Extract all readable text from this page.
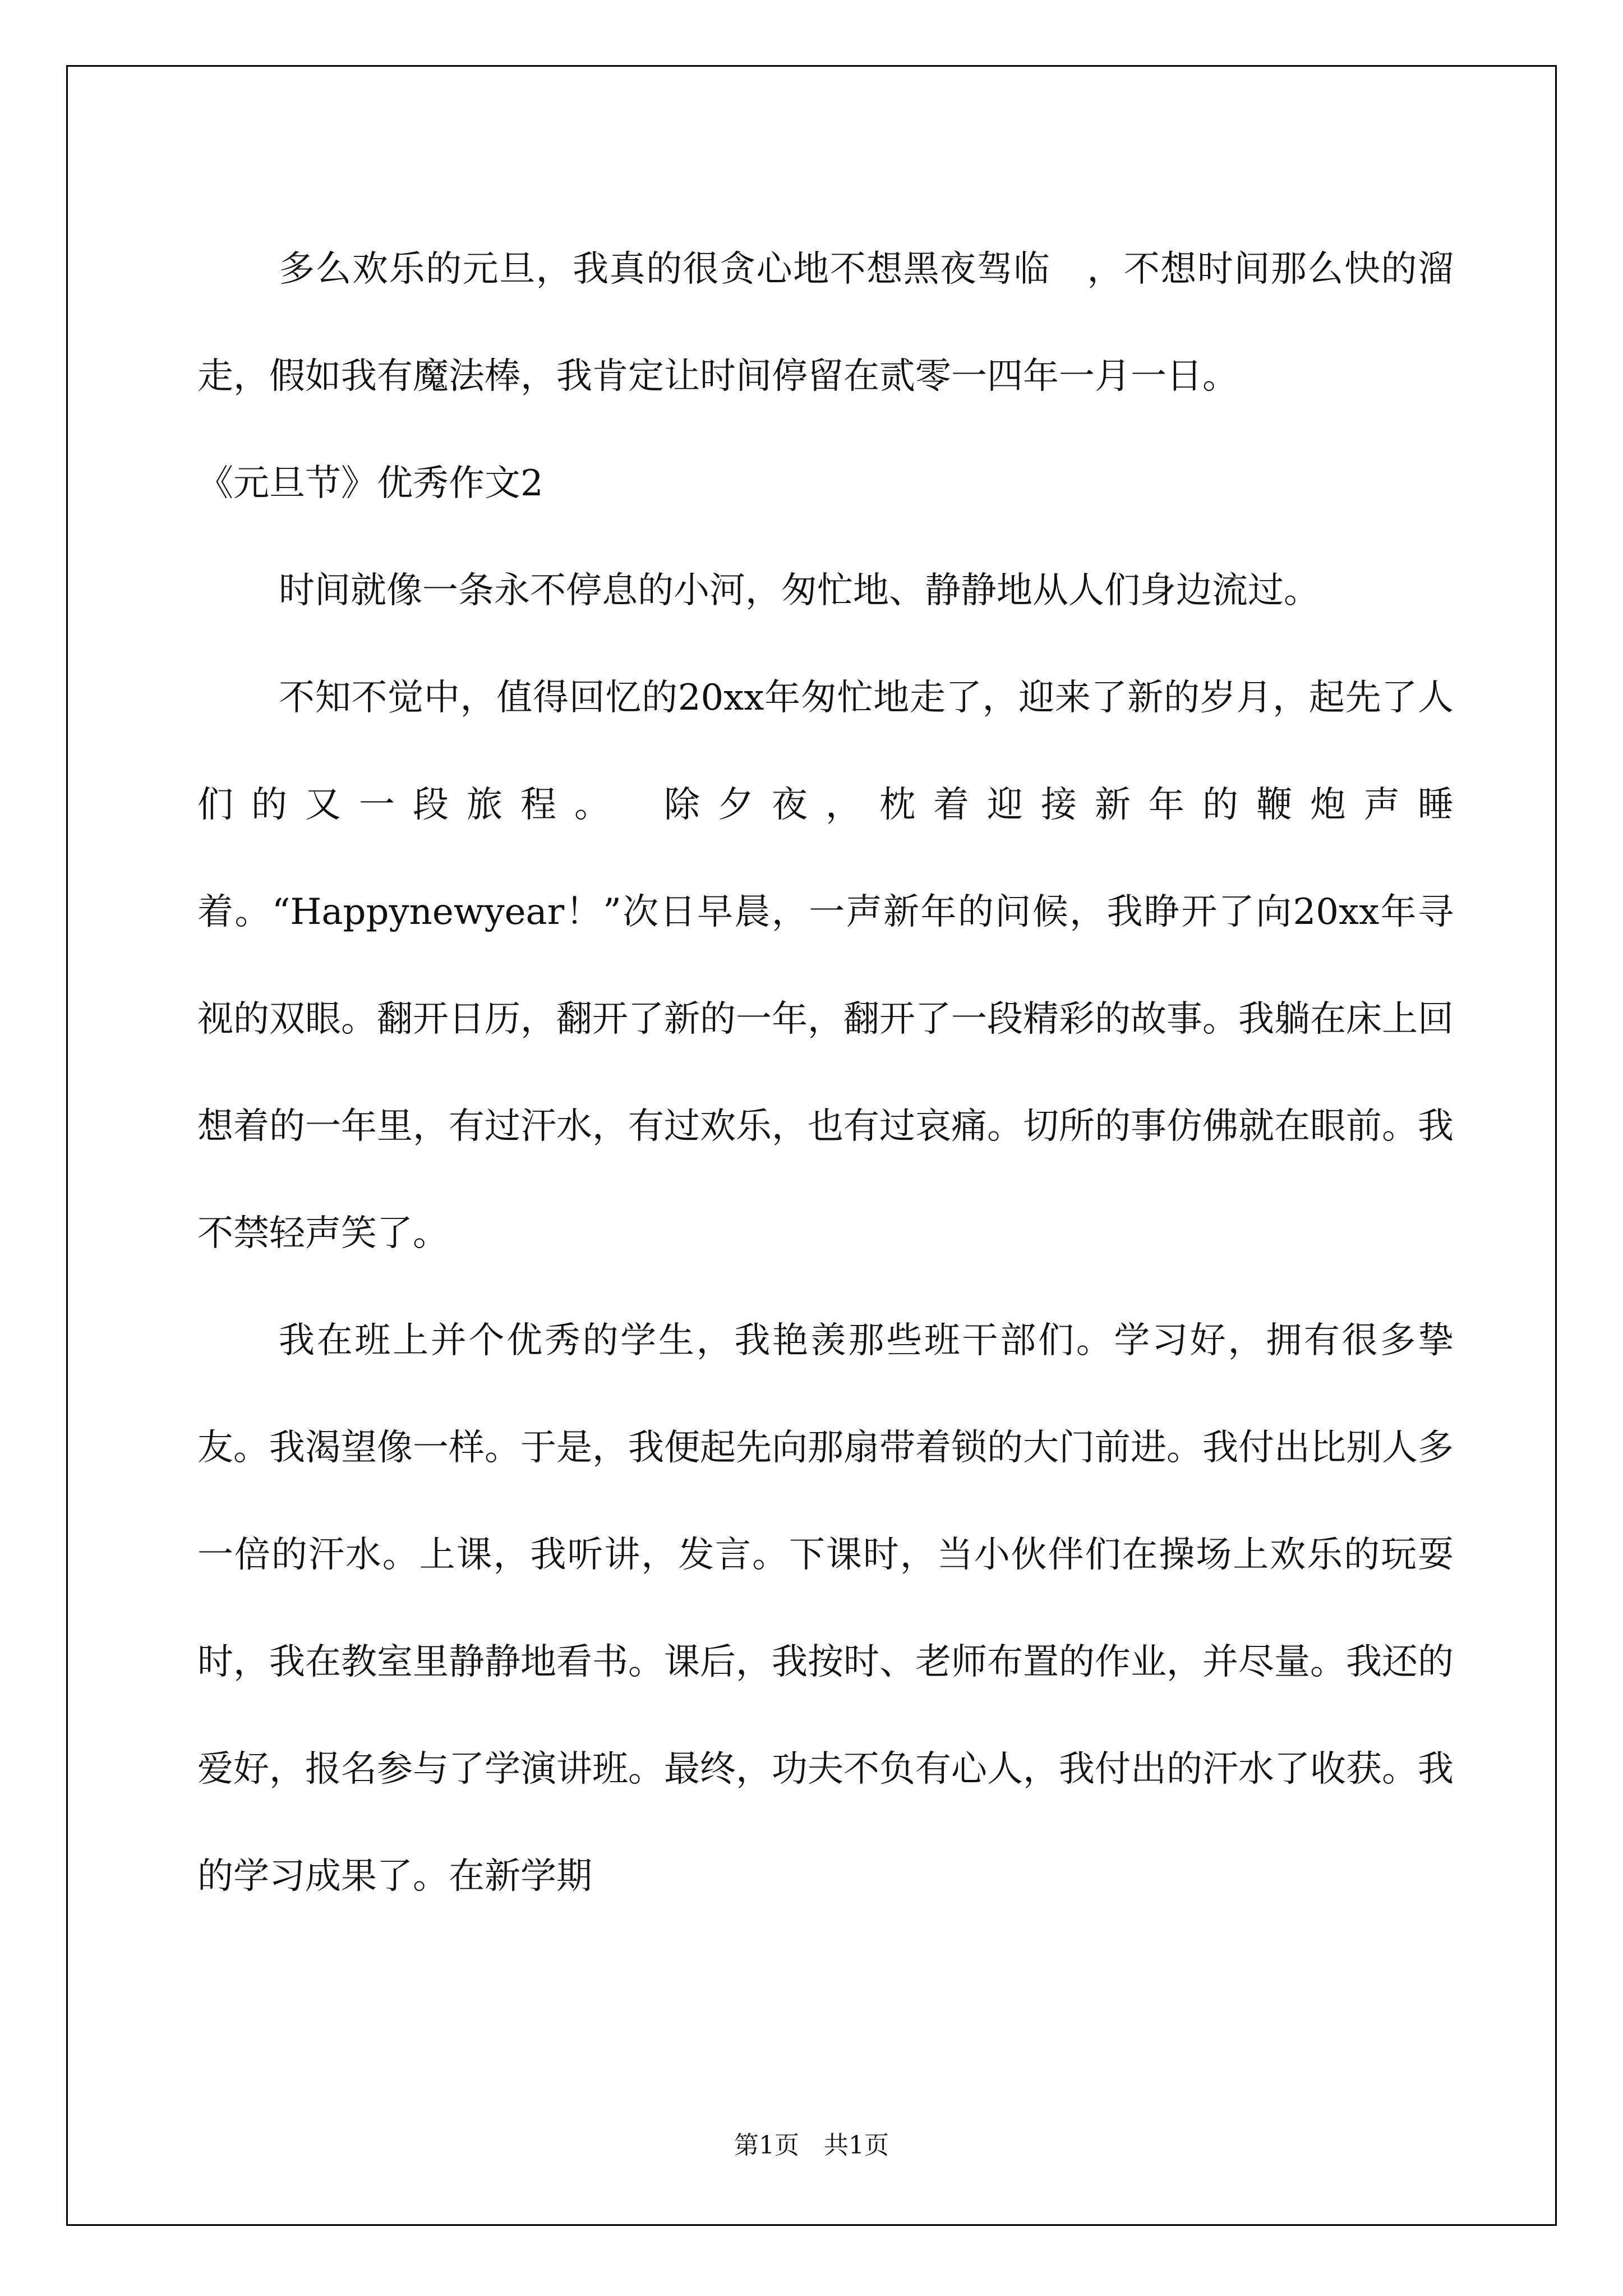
多么欢乐的元旦，我真的很贪心地不想黑夜驾临　，不想时间那么快的溜走，假如我有魔法棒，我肯定让时间停留在贰零一四年一月一日。

《元旦节》优秀作文2

时间就像一条永不停息的小河，匆忙地、静静地从人们身边流过。

不知不觉中，值得回忆的20xx年匆忙地走了，迎来了新的岁月，起先了人们的又一段旅程。　除夕夜，枕着迎接新年的鞭炮声睡着。“Happynewyear！”次日早晨，一声新年的问候，我睁开了向20xx年寻视的双眼。翻开日历，翻开了新的一年，翻开了一段精彩的故事。我躺在床上回想着的一年里，有过汗水，有过欢乐，也有过哀痛。切所的事仿佛就在眼前。我不禁轻声笑了。

我在班上并个优秀的学生，我艳羡那些班干部们。学习好，拥有很多挚友。我渴望像一样。于是，我便起先向那扇带着锁的大门前进。我付出比别人多一倍的汗水。上课，我听讲，发言。下课时，当小伙伴们在操场上欢乐的玩耍时，我在教室里静静地看书。课后，我按时、老师布置的作业，并尽量。我还的爱好，报名参与了学演讲班。最终，功夫不负有心人，我付出的汗水了收获。我的学习成果了。在新学期

第1页 共1页
